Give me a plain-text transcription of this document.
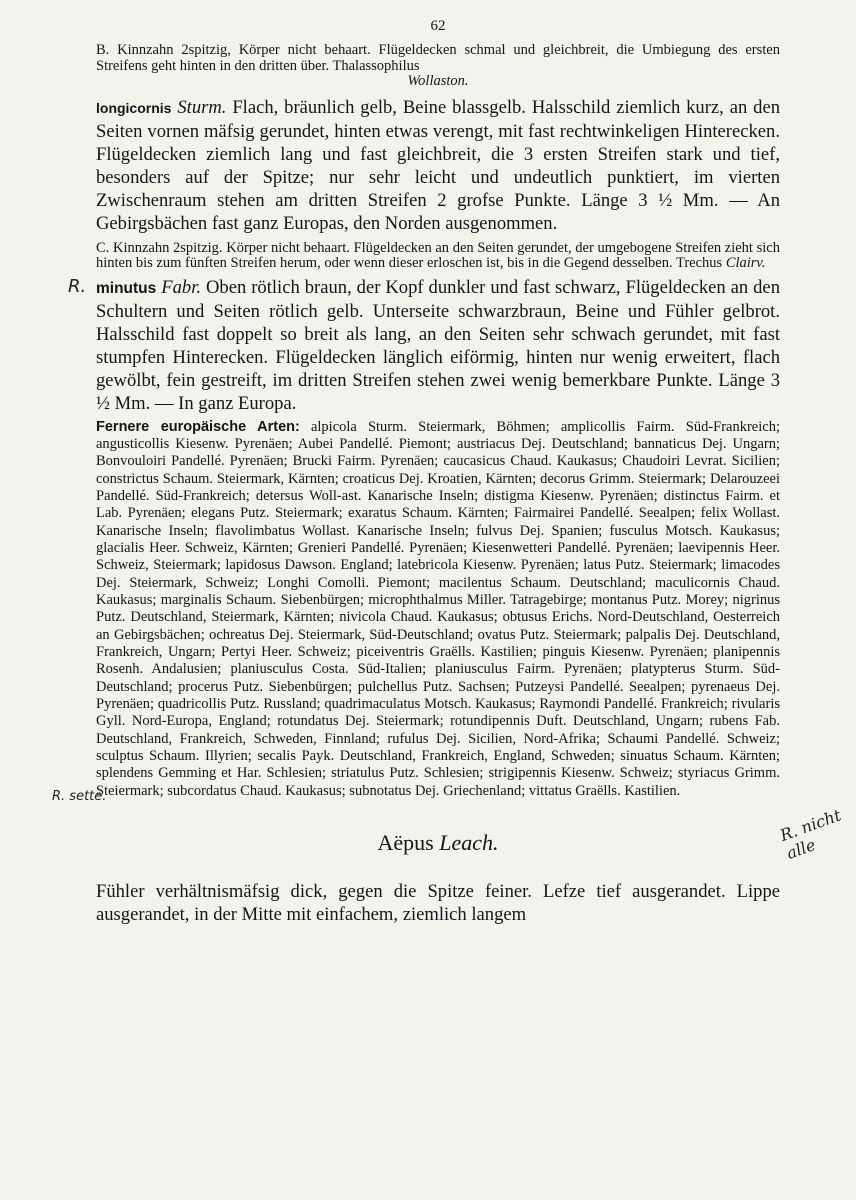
62

B. Kinnzahn 2spitzig, Körper nicht behaart. Flügeldecken schmal und gleichbreit, die Umbiegung des ersten Streifens geht hinten in den dritten über. Thalassophilus

Wollaston.

longicornis Sturm. Flach, bräunlich gelb, Beine blassgelb. Halsschild ziemlich kurz, an den Seiten vornen mäfsig gerundet, hinten etwas verengt, mit fast rechtwinkeligen Hinterecken. Flügeldecken ziemlich lang und fast gleichbreit, die 3 ersten Streifen stark und tief, besonders auf der Spitze; nur sehr leicht und undeutlich punktiert, im vierten Zwischenraum stehen am dritten Streifen 2 grofse Punkte. Länge 3 ½ Mm. — An Gebirgsbächen fast ganz Europas, den Norden ausgenommen.

C. Kinnzahn 2spitzig. Körper nicht behaart. Flügeldecken an den Seiten gerundet, der umgebogene Streifen zieht sich hinten bis zum fünften Streifen herum, oder wenn dieser erloschen ist, bis in die Gegend desselben. Trechus Clairv.

R. minutus Fabr. Oben rötlich braun, der Kopf dunkler und fast schwarz, Flügeldecken an den Schultern und Seiten rötlich gelb. Unterseite schwarzbraun, Beine und Fühler gelbrot. Halsschild fast doppelt so breit als lang, an den Seiten sehr schwach gerundet, mit fast stumpfen Hinterecken. Flügeldecken länglich eiförmig, hinten nur wenig erweitert, flach gewölbt, fein gestreift, im dritten Streifen stehen zwei wenig bemerkbare Punkte. Länge 3 ½ Mm. — In ganz Europa.

Fernere europäische Arten: alpicola Sturm. Steiermark, Böhmen; amplicollis Fairm. Süd-Frankreich; angusticollis Kiesenw. Pyrenäen; Aubei Pandellé. Piemont; austriacus Dej. Deutschland; bannaticus Dej. Ungarn; Bonvouloiri Pandellé. Pyrenäen; Brucki Fairm. Pyrenäen; caucasicus Chaud. Kaukasus; Chaudoiri Levrat. Sicilien; constrictus Schaum. Steiermark, Kärnten; croaticus Dej. Kroatien, Kärnten; decorus Grimm. Steiermark; Delarouzeei Pandellé. Süd-Frankreich; detersus Woll-ast. Kanarische Inseln; distigma Kiesenw. Pyrenäen; distinctus Fairm. et Lab. Pyrenäen; elegans Putz. Steiermark; exaratus Schaum. Kärnten; Fairmairei Pandellé. Seealpen; felix Wollast. Kanarische Inseln; flavolimbatus Wollast. Kanarische Inseln; fulvus Dej. Spanien; fusculus Motsch. Kaukasus; glacialis Heer. Schweiz, Kärnten; Grenieri Pandellé. Pyrenäen; Kiesenwetteri Pandellé. Pyrenäen; laevipennis Heer. Schweiz, Steiermark; lapidosus Dawson. England; latebricola Kiesenw. Pyrenäen; latus Putz. Steiermark; limacodes Dej. Steiermark, Schweiz; Longhi Comolli. Piemont; macilentus Schaum. Deutschland; maculicornis Chaud. Kaukasus; marginalis Schaum. Siebenbürgen; microphthalmus Miller. Tatragebirge; montanus Putz. Morey; nigrinus Putz. Deutschland, Steiermark, Kärnten; nivicola Chaud. Kaukasus; obtusus Erichs. Nord-Deutschland, Oesterreich an Gebirgsbächen; ochreatus Dej. Steiermark, Süd-Deutschland; ovatus Putz. Steiermark; palpalis Dej. Deutschland, Frankreich, Ungarn; Pertyi Heer. Schweiz; piceiventris Graëlls. Kastilien; pinguis Kiesenw. Pyrenäen; planipennis Rosenh. Andalusien; planiusculus Costa. Süd-Italien; planiusculus Fairm. Pyrenäen; platypterus Sturm. Süd-Deutschland; procerus Putz. Siebenbürgen; pulchellus Putz. Sachsen; Putzeysi Pandellé. Seealpen; pyrenaeus Dej. Pyrenäen; quadricollis Putz. Russland; quadrimaculatus Motsch. Kaukasus; Raymondi Pandellé. Frankreich; rivularis Gyll. Nord-Europa, England; rotundatus Dej. Steiermark; rotundipennis Duft. Deutschland, Ungarn; rubens Fab. Deutschland, Frankreich, Schweden, Finnland; rufulus Dej. Sicilien, Nord-Afrika; Schaumi Pandellé. Schweiz; sculptus Schaum. Illyrien; secalis Payk. Deutschland, Frankreich, England, Schweden; sinuatus Schaum. Kärnten; splendens Gemming et Har. Schlesien; striatulus Putz. Schlesien; strigipennis Kiesenw. Schweiz; styriacus Grimm. Steiermark; subcordatus Chaud. Kaukasus; subnotatus Dej. Griechenland; vittatus Graëlls. Kastilien.

Aëpus Leach.

Fühler verhältnismäfsig dick, gegen die Spitze feiner. Lefze tief ausgerandet. Lippe ausgerandet, in der Mitte mit einfachem, ziemlich langem

R. sette.
R. nicht alle
